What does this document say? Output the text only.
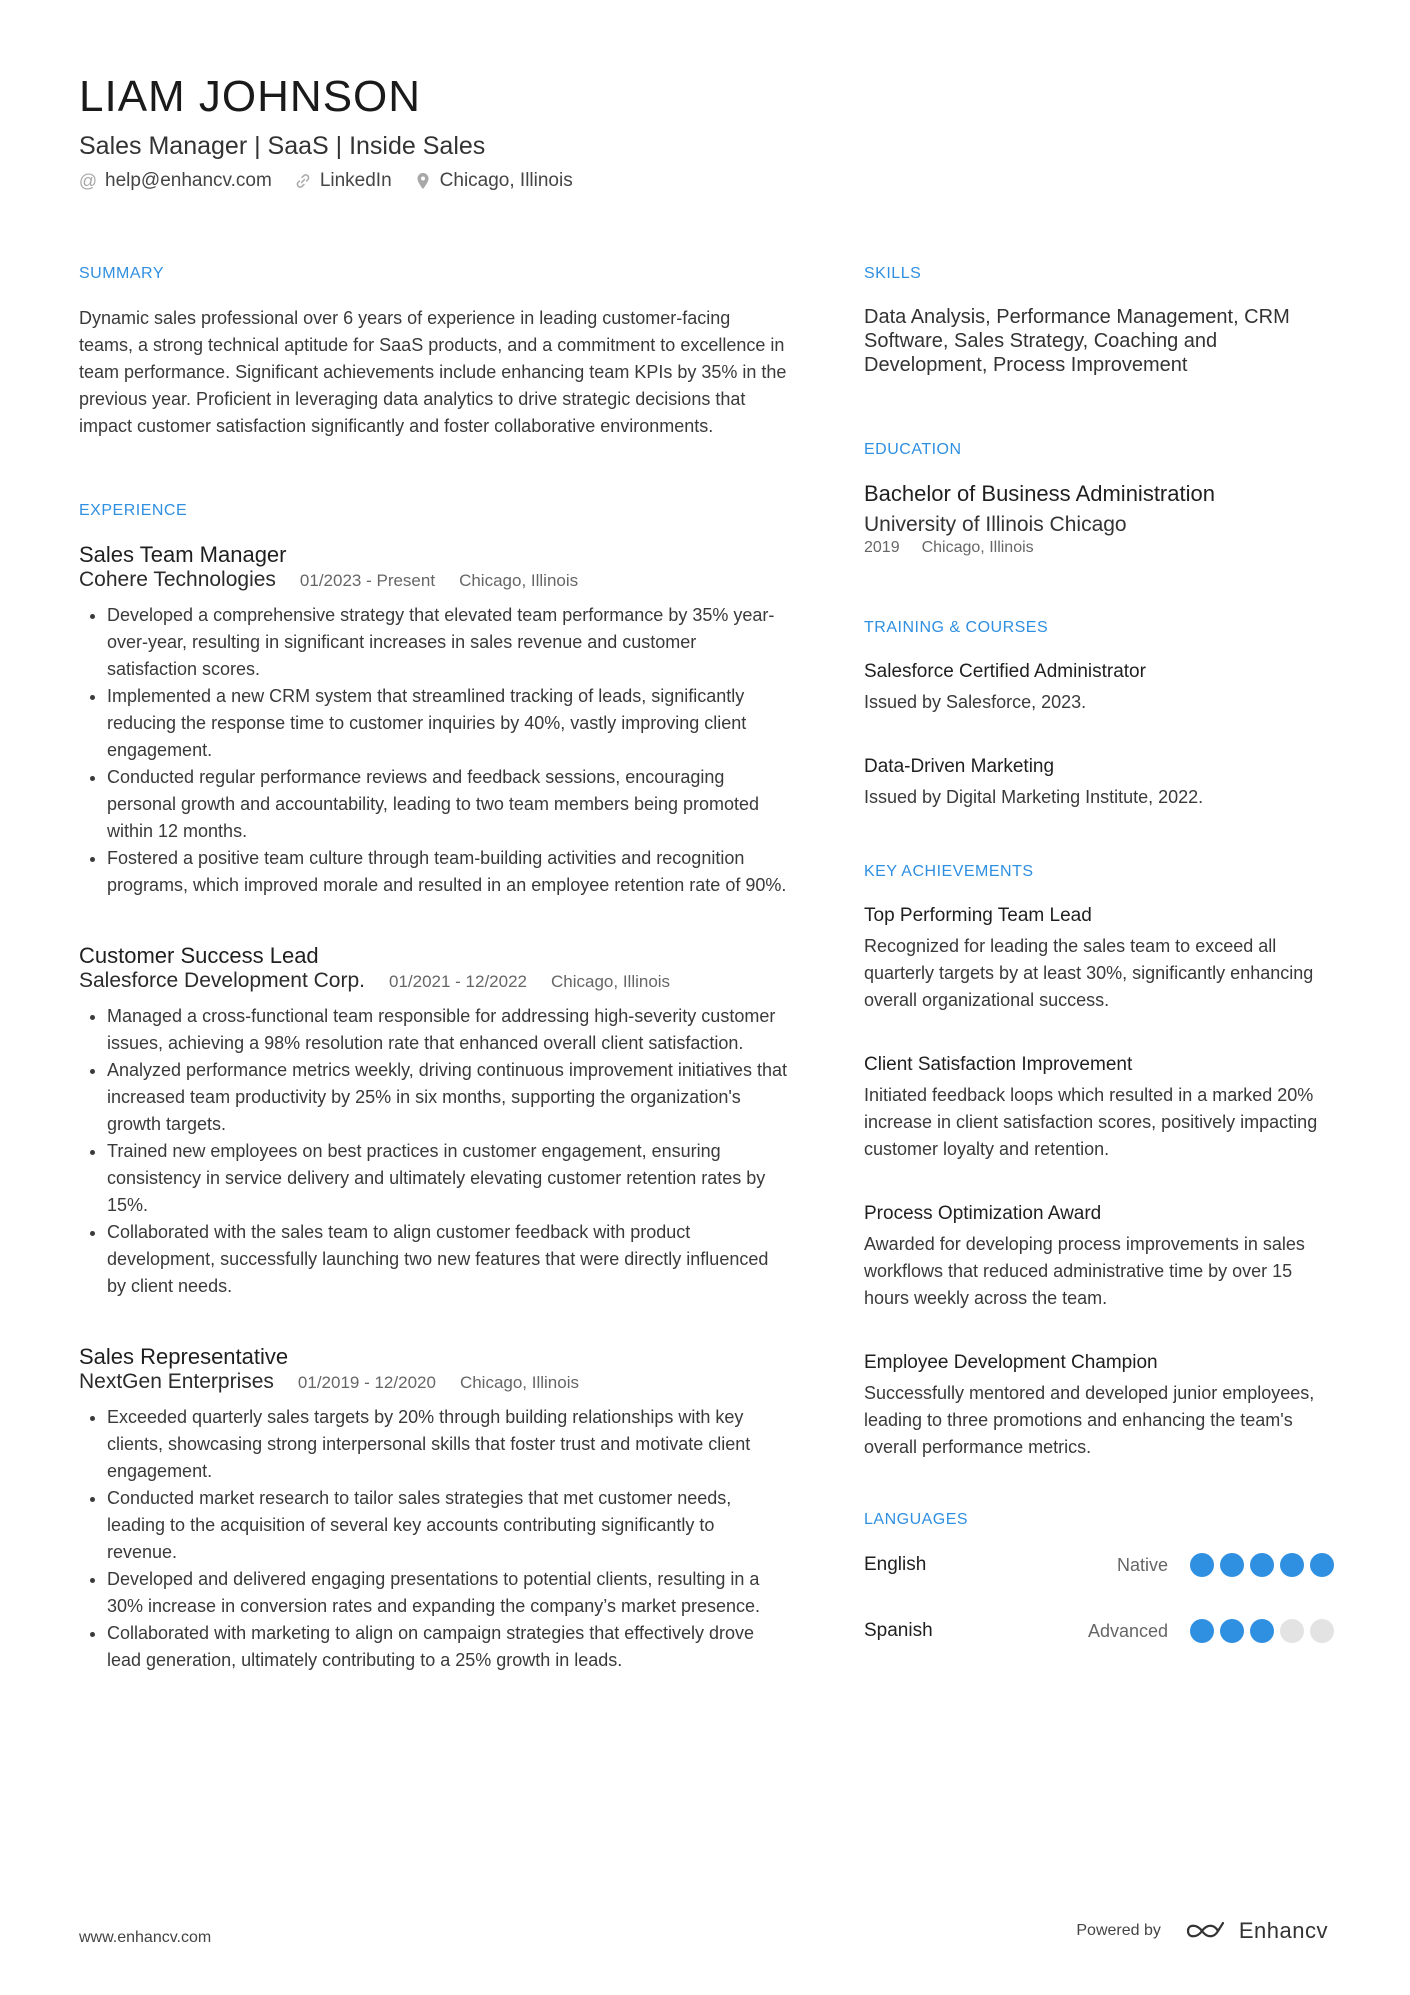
LIAM JOHNSON
Sales Manager | SaaS | Inside Sales
@ help@enhancv.com	LinkedIn	Chicago, Illinois
SUMMARY
Dynamic sales professional over 6 years of experience in leading customer-facing teams, a strong technical aptitude for SaaS products, and a commitment to excellence in team performance. Significant achievements include enhancing team KPIs by 35% in the previous year. Proficient in leveraging data analytics to drive strategic decisions that impact customer satisfaction significantly and foster collaborative environments.
EXPERIENCE
Sales Team Manager
Cohere Technologies 01/2023 - Present Chicago, Illinois
• Developed a comprehensive strategy that elevated team performance by 35% year-over-year, resulting in significant increases in sales revenue and customer satisfaction scores.
• Implemented a new CRM system that streamlined tracking of leads, significantly reducing the response time to customer inquiries by 40%, vastly improving client engagement.
• Conducted regular performance reviews and feedback sessions, encouraging personal growth and accountability, leading to two team members being promoted within 12 months.
• Fostered a positive team culture through team-building activities and recognition programs, which improved morale and resulted in an employee retention rate of 90%.
Customer Success Lead
Salesforce Development Corp. 01/2021 - 12/2022 Chicago, Illinois
• Managed a cross-functional team responsible for addressing high-severity customer issues, achieving a 98% resolution rate that enhanced overall client satisfaction.
• Analyzed performance metrics weekly, driving continuous improvement initiatives that increased team productivity by 25% in six months, supporting the organization's growth targets.
• Trained new employees on best practices in customer engagement, ensuring consistency in service delivery and ultimately elevating customer retention rates by 15%.
• Collaborated with the sales team to align customer feedback with product development, successfully launching two new features that were directly influenced by client needs.
Sales Representative
NextGen Enterprises 01/2019 - 12/2020 Chicago, Illinois
• Exceeded quarterly sales targets by 20% through building relationships with key clients, showcasing strong interpersonal skills that foster trust and motivate client engagement.
• Conducted market research to tailor sales strategies that met customer needs, leading to the acquisition of several key accounts contributing significantly to revenue.
• Developed and delivered engaging presentations to potential clients, resulting in a 30% increase in conversion rates and expanding the company’s market presence.
• Collaborated with marketing to align on campaign strategies that effectively drove lead generation, ultimately contributing to a 25% growth in leads.
SKILLS
Data Analysis, Performance Management, CRM Software, Sales Strategy, Coaching and Development, Process Improvement
EDUCATION
Bachelor of Business Administration
University of Illinois Chicago
2019 Chicago, Illinois
TRAINING & COURSES
Salesforce Certified Administrator
Issued by Salesforce, 2023.
Data-Driven Marketing
Issued by Digital Marketing Institute, 2022.
KEY ACHIEVEMENTS
Top Performing Team Lead
Recognized for leading the sales team to exceed all quarterly targets by at least 30%, significantly enhancing overall organizational success.
Client Satisfaction Improvement
Initiated feedback loops which resulted in a marked 20% increase in client satisfaction scores, positively impacting customer loyalty and retention.
Process Optimization Award
Awarded for developing process improvements in sales workflows that reduced administrative time by over 15 hours weekly across the team.
Employee Development Champion
Successfully mentored and developed junior employees, leading to three promotions and enhancing the team's overall performance metrics.
LANGUAGES
English	Native
Spanish	Advanced
www.enhancv.com	Powered by	Enhancv
